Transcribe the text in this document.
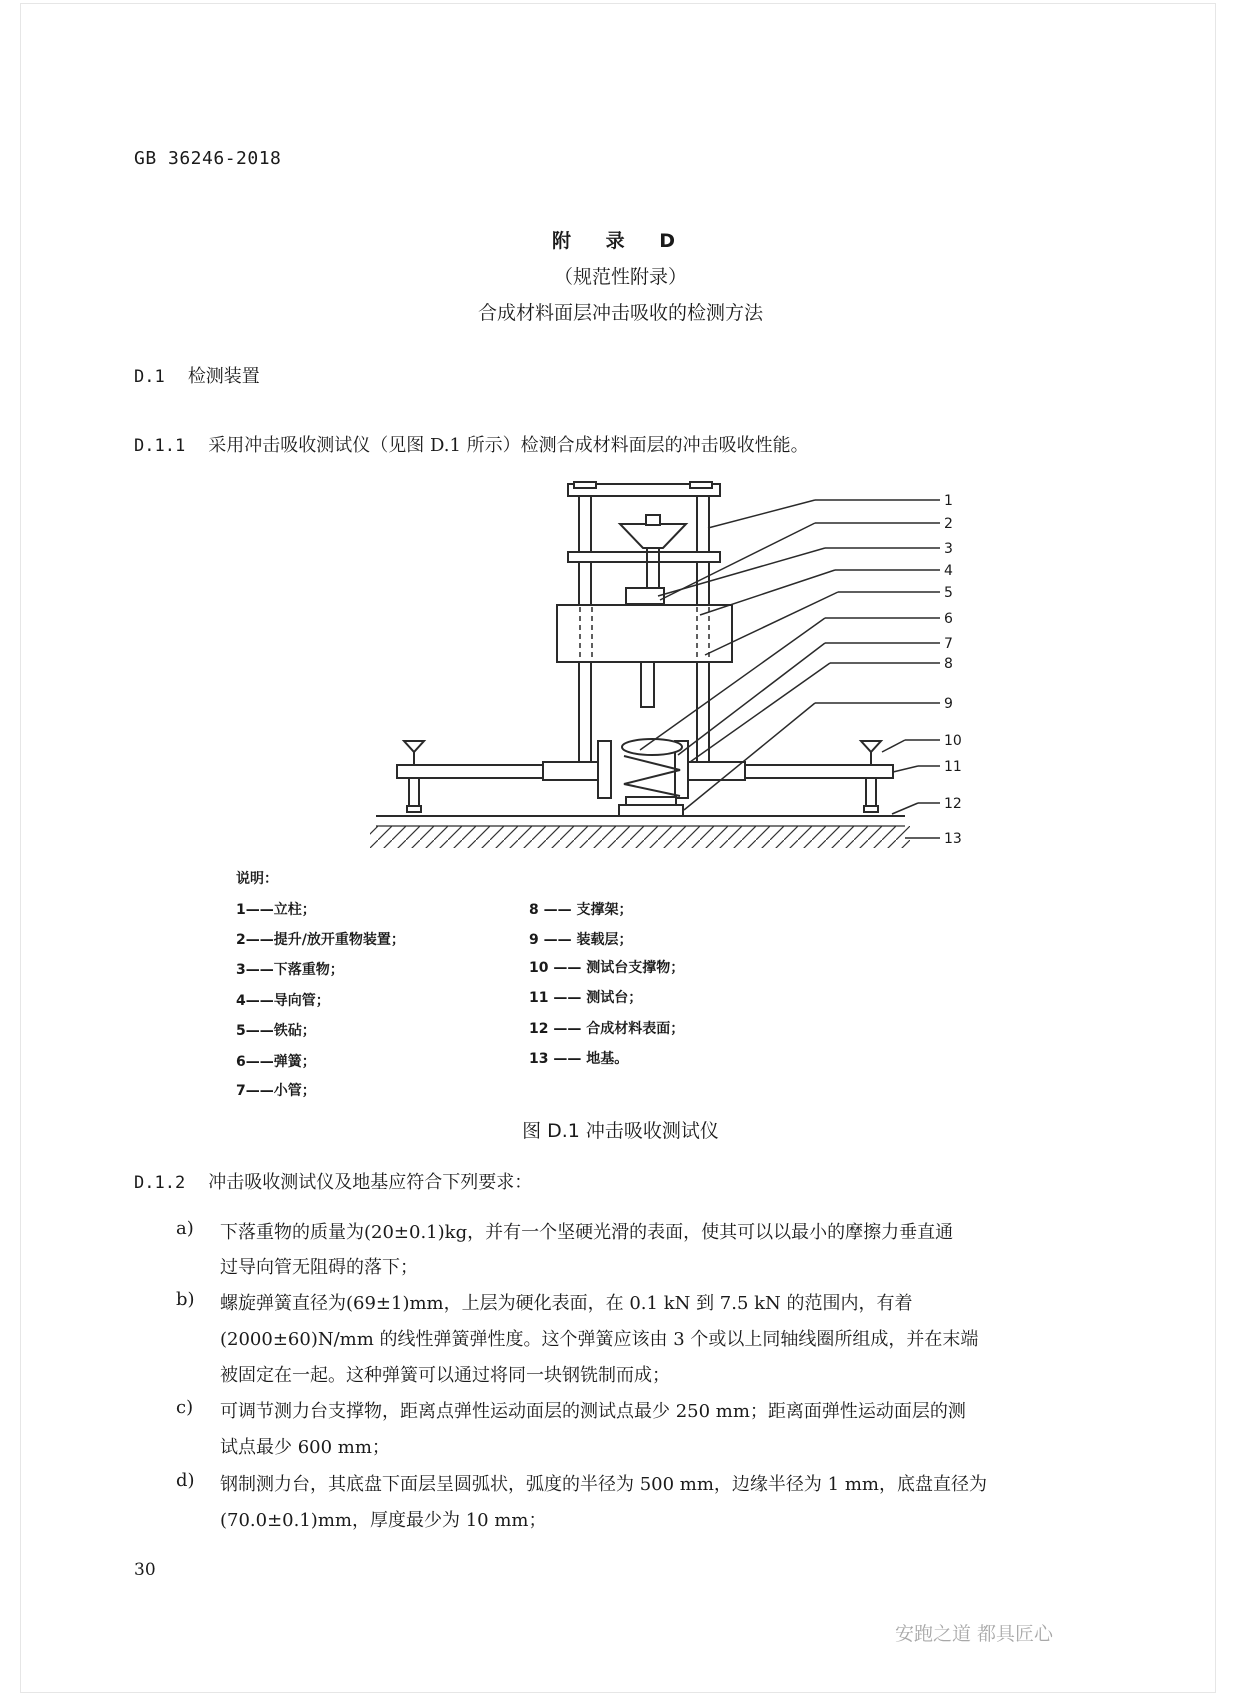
GB 36246-2018
附 录 D
（规范性附录）
合成材料面层冲击吸收的检测方法
D.1 检测装置
D.1.1 采用冲击吸收测试仪（见图 D.1 所示）检测合成材料面层的冲击吸收性能。
1
2
3
4
5
6
7
8
9
10
11
12
13
说明：
1——立柱；
2——提升/放开重物装置；
3——下落重物；
4——导向管；
5——铁砧；
6——弹簧；
7——小管；
8 —— 支撑架；
9 —— 装载层；
10 —— 测试台支撑物；
11 —— 测试台；
12 —— 合成材料表面；
13 —— 地基。
图 D.1 冲击吸收测试仪
D.1.2 冲击吸收测试仪及地基应符合下列要求：
a) 下落重物的质量为(20±0.1)kg，并有一个坚硬光滑的表面，使其可以以最小的摩擦力垂直通
过导向管无阻碍的落下；
b) 螺旋弹簧直径为(69±1)mm，上层为硬化表面，在 0.1 kN 到 7.5 kN 的范围内，有着
(2000±60)N/mm 的线性弹簧弹性度。这个弹簧应该由 3 个或以上同轴线圈所组成，并在末端
被固定在一起。这种弹簧可以通过将同一块钢铣制而成；
c) 可调节测力台支撑物，距离点弹性运动面层的测试点最少 250 mm；距离面弹性运动面层的测
试点最少 600 mm；
d) 钢制测力台，其底盘下面层呈圆弧状，弧度的半径为 500 mm，边缘半径为 1 mm，底盘直径为
(70.0±0.1)mm，厚度最少为 10 mm；
30
安跑之道 都具匠心
